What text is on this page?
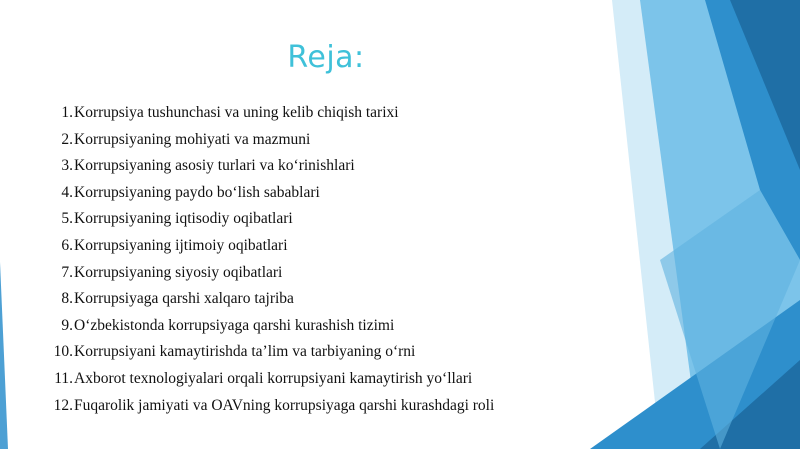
Reja:
1.Korrupsiya tushunchasi va uning kelib chiqish tarixi
2.Korrupsiyaning mohiyati va mazmuni
3.Korrupsiyaning asosiy turlari va ko‘rinishlari
4.Korrupsiyaning paydo bo‘lish sabablari
5.Korrupsiyaning iqtisodiy oqibatlari
6.Korrupsiyaning ijtimoiy oqibatlari
7.Korrupsiyaning siyosiy oqibatlari
8.Korrupsiyaga qarshi xalqaro tajriba
9.O‘zbekistonda korrupsiyaga qarshi kurashish tizimi
10.Korrupsiyani kamaytirishda ta’lim va tarbiyaning o‘rni
11.Axborot texnologiyalari orqali korrupsiyani kamaytirish yo‘llari
12.Fuqarolik jamiyati va OAVning korrupsiyaga qarshi kurashdagi roli
